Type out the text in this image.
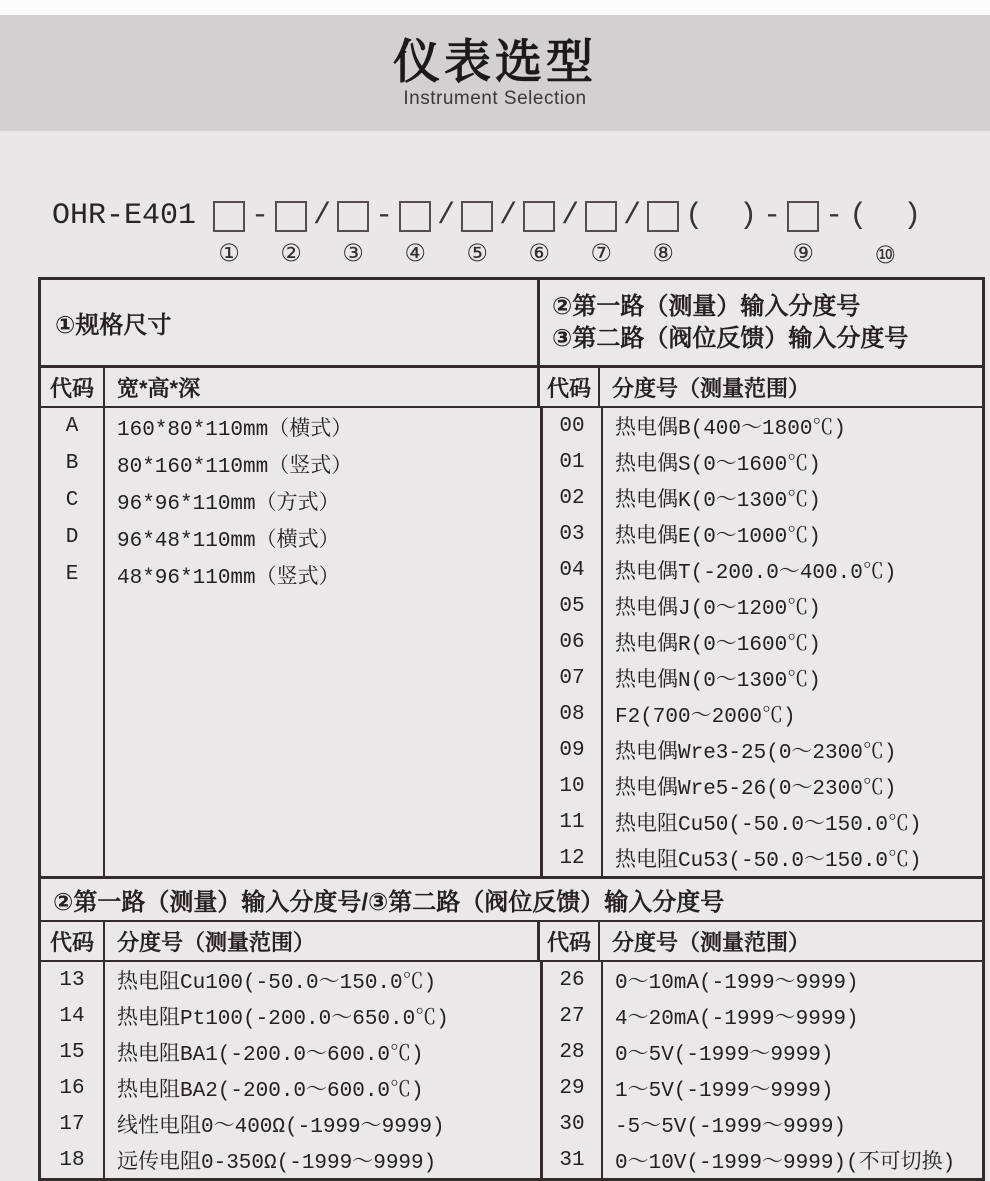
仪表选型
Instrument Selection
OHR-E401
①
-
②
/
③
-
④
/
⑤
/
⑥
/
⑦
/
⑧
(  ) -
⑨
- (  )
⑩
①规格尺寸
②第一路（测量）输入分度号
③第二路（阀位反馈）输入分度号
代码	宽*高*深	代码 分度号（测量范围）
A	160*80*110mm（横式）
B	80*160*110mm（竖式）
C	96*96*110mm（方式）
D	96*48*110mm（横式）
E	48*96*110mm（竖式）
00	热电偶B(400～1800℃)
01	热电偶S(0～1600℃)
02	热电偶K(0～1300℃)
03	热电偶E(0～1000℃)
04	热电偶T(-200.0～400.0℃)
05	热电偶J(0～1200℃)
06	热电偶R(0～1600℃)
07	热电偶N(0～1300℃)
08	F2(700～2000℃)
09	热电偶Wre3-25(0～2300℃)
10	热电偶Wre5-26(0～2300℃)
11	热电阻Cu50(-50.0～150.0℃)
12	热电阻Cu53(-50.0～150.0℃)
②第一路（测量）输入分度号/③第二路（阀位反馈）输入分度号
代码	分度号（测量范围）	代码 分度号（测量范围）
13	热电阻Cu100(-50.0～150.0℃)
14	热电阻Pt100(-200.0～650.0℃)
15	热电阻BA1(-200.0～600.0℃)
16	热电阻BA2(-200.0～600.0℃)
17	线性电阻0～400Ω(-1999～9999)
18	远传电阻0-350Ω(-1999～9999)
26	0～10mA(-1999～9999)
27	4～20mA(-1999～9999)
28	0～5V(-1999～9999)
29	1～5V(-1999～9999)
30	-5～5V(-1999～9999)
31	0～10V(-1999～9999)(不可切换)
